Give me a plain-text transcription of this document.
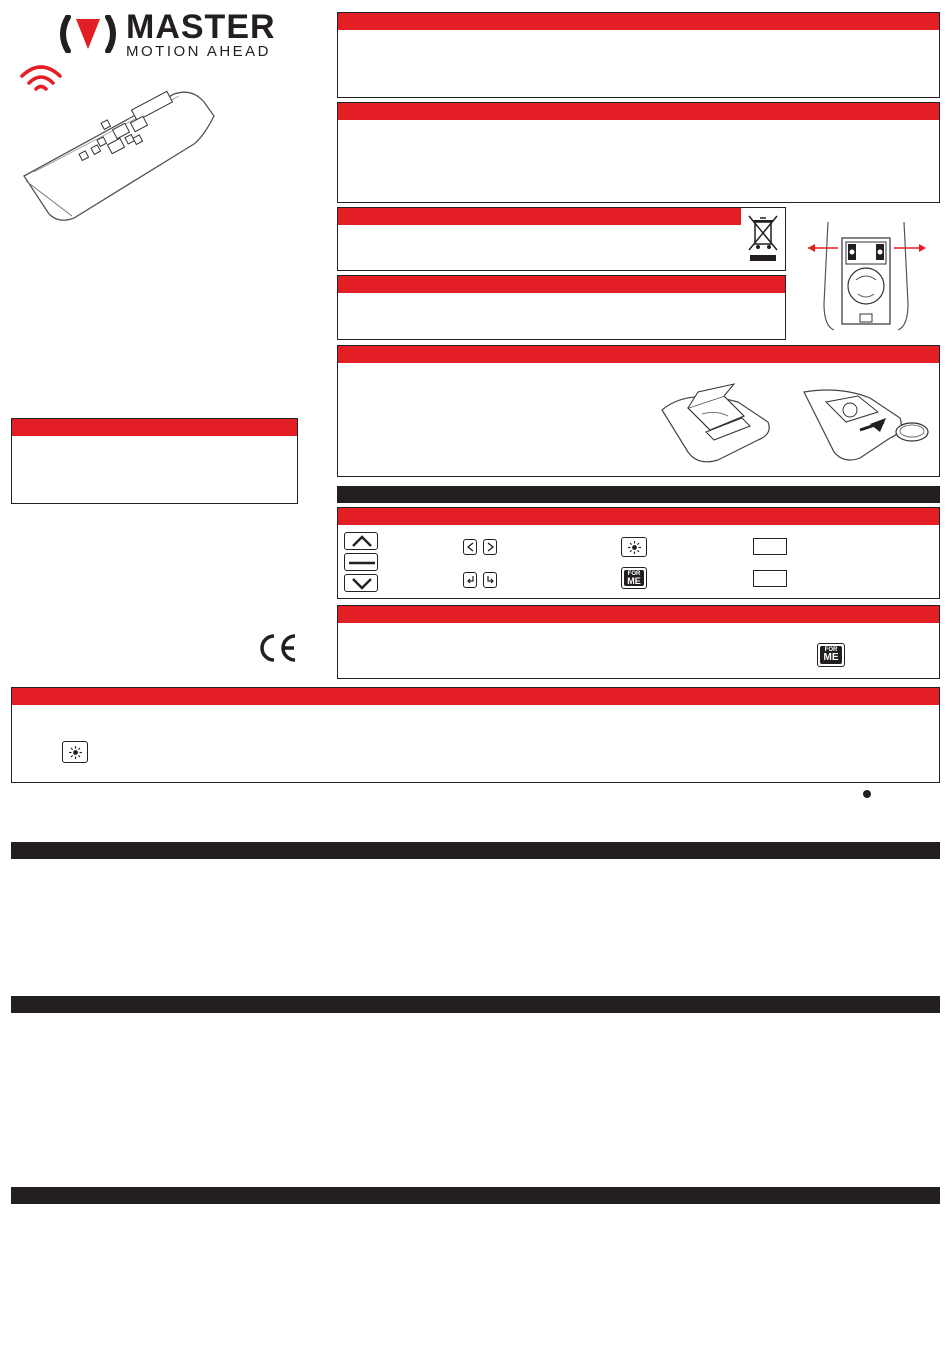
MASTER
MOTION AHEAD
FOR
ME
FOR
ME
